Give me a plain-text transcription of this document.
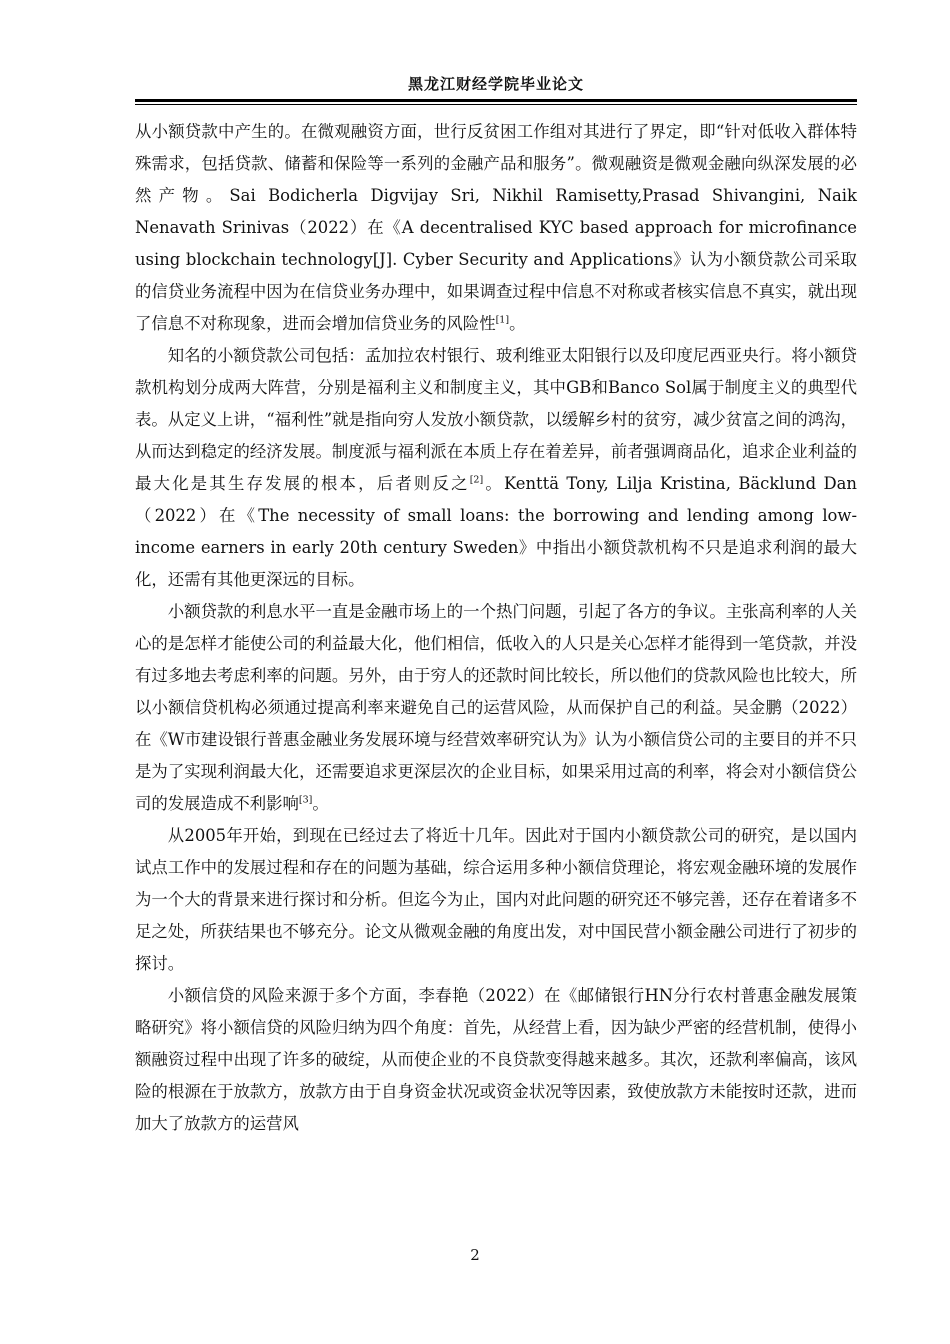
黑龙江财经学院毕业论文

从小额贷款中产生的。在微观融资方面，世行反贫困工作组对其进行了界定，即“针对低收入群体特殊需求，包括贷款、储蓄和保险等一系列的金融产品和服务”。微观融资是微观金融向纵深发展的必然产物。Sai Bodicherla Digvijay Sri, Nikhil Ramisetty,Prasad Shivangini, Naik Nenavath Srinivas（2022）在《A decentralised KYC based approach for microfinance using blockchain technology[J]. Cyber Security and Applications》认为小额贷款公司采取的信贷业务流程中因为在信贷业务办理中，如果调查过程中信息不对称或者核实信息不真实，就出现了信息不对称现象，进而会增加信贷业务的风险性[1]。

知名的小额贷款公司包括：孟加拉农村银行、玻利维亚太阳银行以及印度尼西亚央行。将小额贷款机构划分成两大阵营，分别是福利主义和制度主义，其中GB和Banco Sol属于制度主义的典型代表。从定义上讲，“福利性”就是指向穷人发放小额贷款，以缓解乡村的贫穷，减少贫富之间的鸿沟，从而达到稳定的经济发展。制度派与福利派在本质上存在着差异，前者强调商品化，追求企业利益的最大化是其生存发展的根本，后者则反之[2]。Kenttä Tony, Lilja Kristina, Bäcklund Dan（2022）在《The necessity of small loans: the borrowing and lending among low-income earners in early 20th century Sweden》中指出小额贷款机构不只是追求利润的最大化，还需有其他更深远的目标。

小额贷款的利息水平一直是金融市场上的一个热门问题，引起了各方的争议。主张高利率的人关心的是怎样才能使公司的利益最大化，他们相信，低收入的人只是关心怎样才能得到一笔贷款，并没有过多地去考虑利率的问题。另外，由于穷人的还款时间比较长，所以他们的贷款风险也比较大，所以小额信贷机构必须通过提高利率来避免自己的运营风险，从而保护自己的利益。吴金鹏（2022）在《W市建设银行普惠金融业务发展环境与经营效率研究认为》认为小额信贷公司的主要目的并不只是为了实现利润最大化，还需要追求更深层次的企业目标，如果采用过高的利率，将会对小额信贷公司的发展造成不利影响[3]。

从2005年开始，到现在已经过去了将近十几年。因此对于国内小额贷款公司的研究，是以国内试点工作中的发展过程和存在的问题为基础，综合运用多种小额信贷理论，将宏观金融环境的发展作为一个大的背景来进行探讨和分析。但迄今为止，国内对此问题的研究还不够完善，还存在着诸多不足之处，所获结果也不够充分。论文从微观金融的角度出发，对中国民营小额金融公司进行了初步的探讨。

小额信贷的风险来源于多个方面，李春艳（2022）在《邮储银行HN分行农村普惠金融发展策略研究》将小额信贷的风险归纳为四个角度：首先，从经营上看，因为缺少严密的经营机制，使得小额融资过程中出现了许多的破绽，从而使企业的不良贷款变得越来越多。其次，还款利率偏高，该风险的根源在于放款方，放款方由于自身资金状况或资金状况等因素，致使放款方未能按时还款，进而加大了放款方的运营风

2
